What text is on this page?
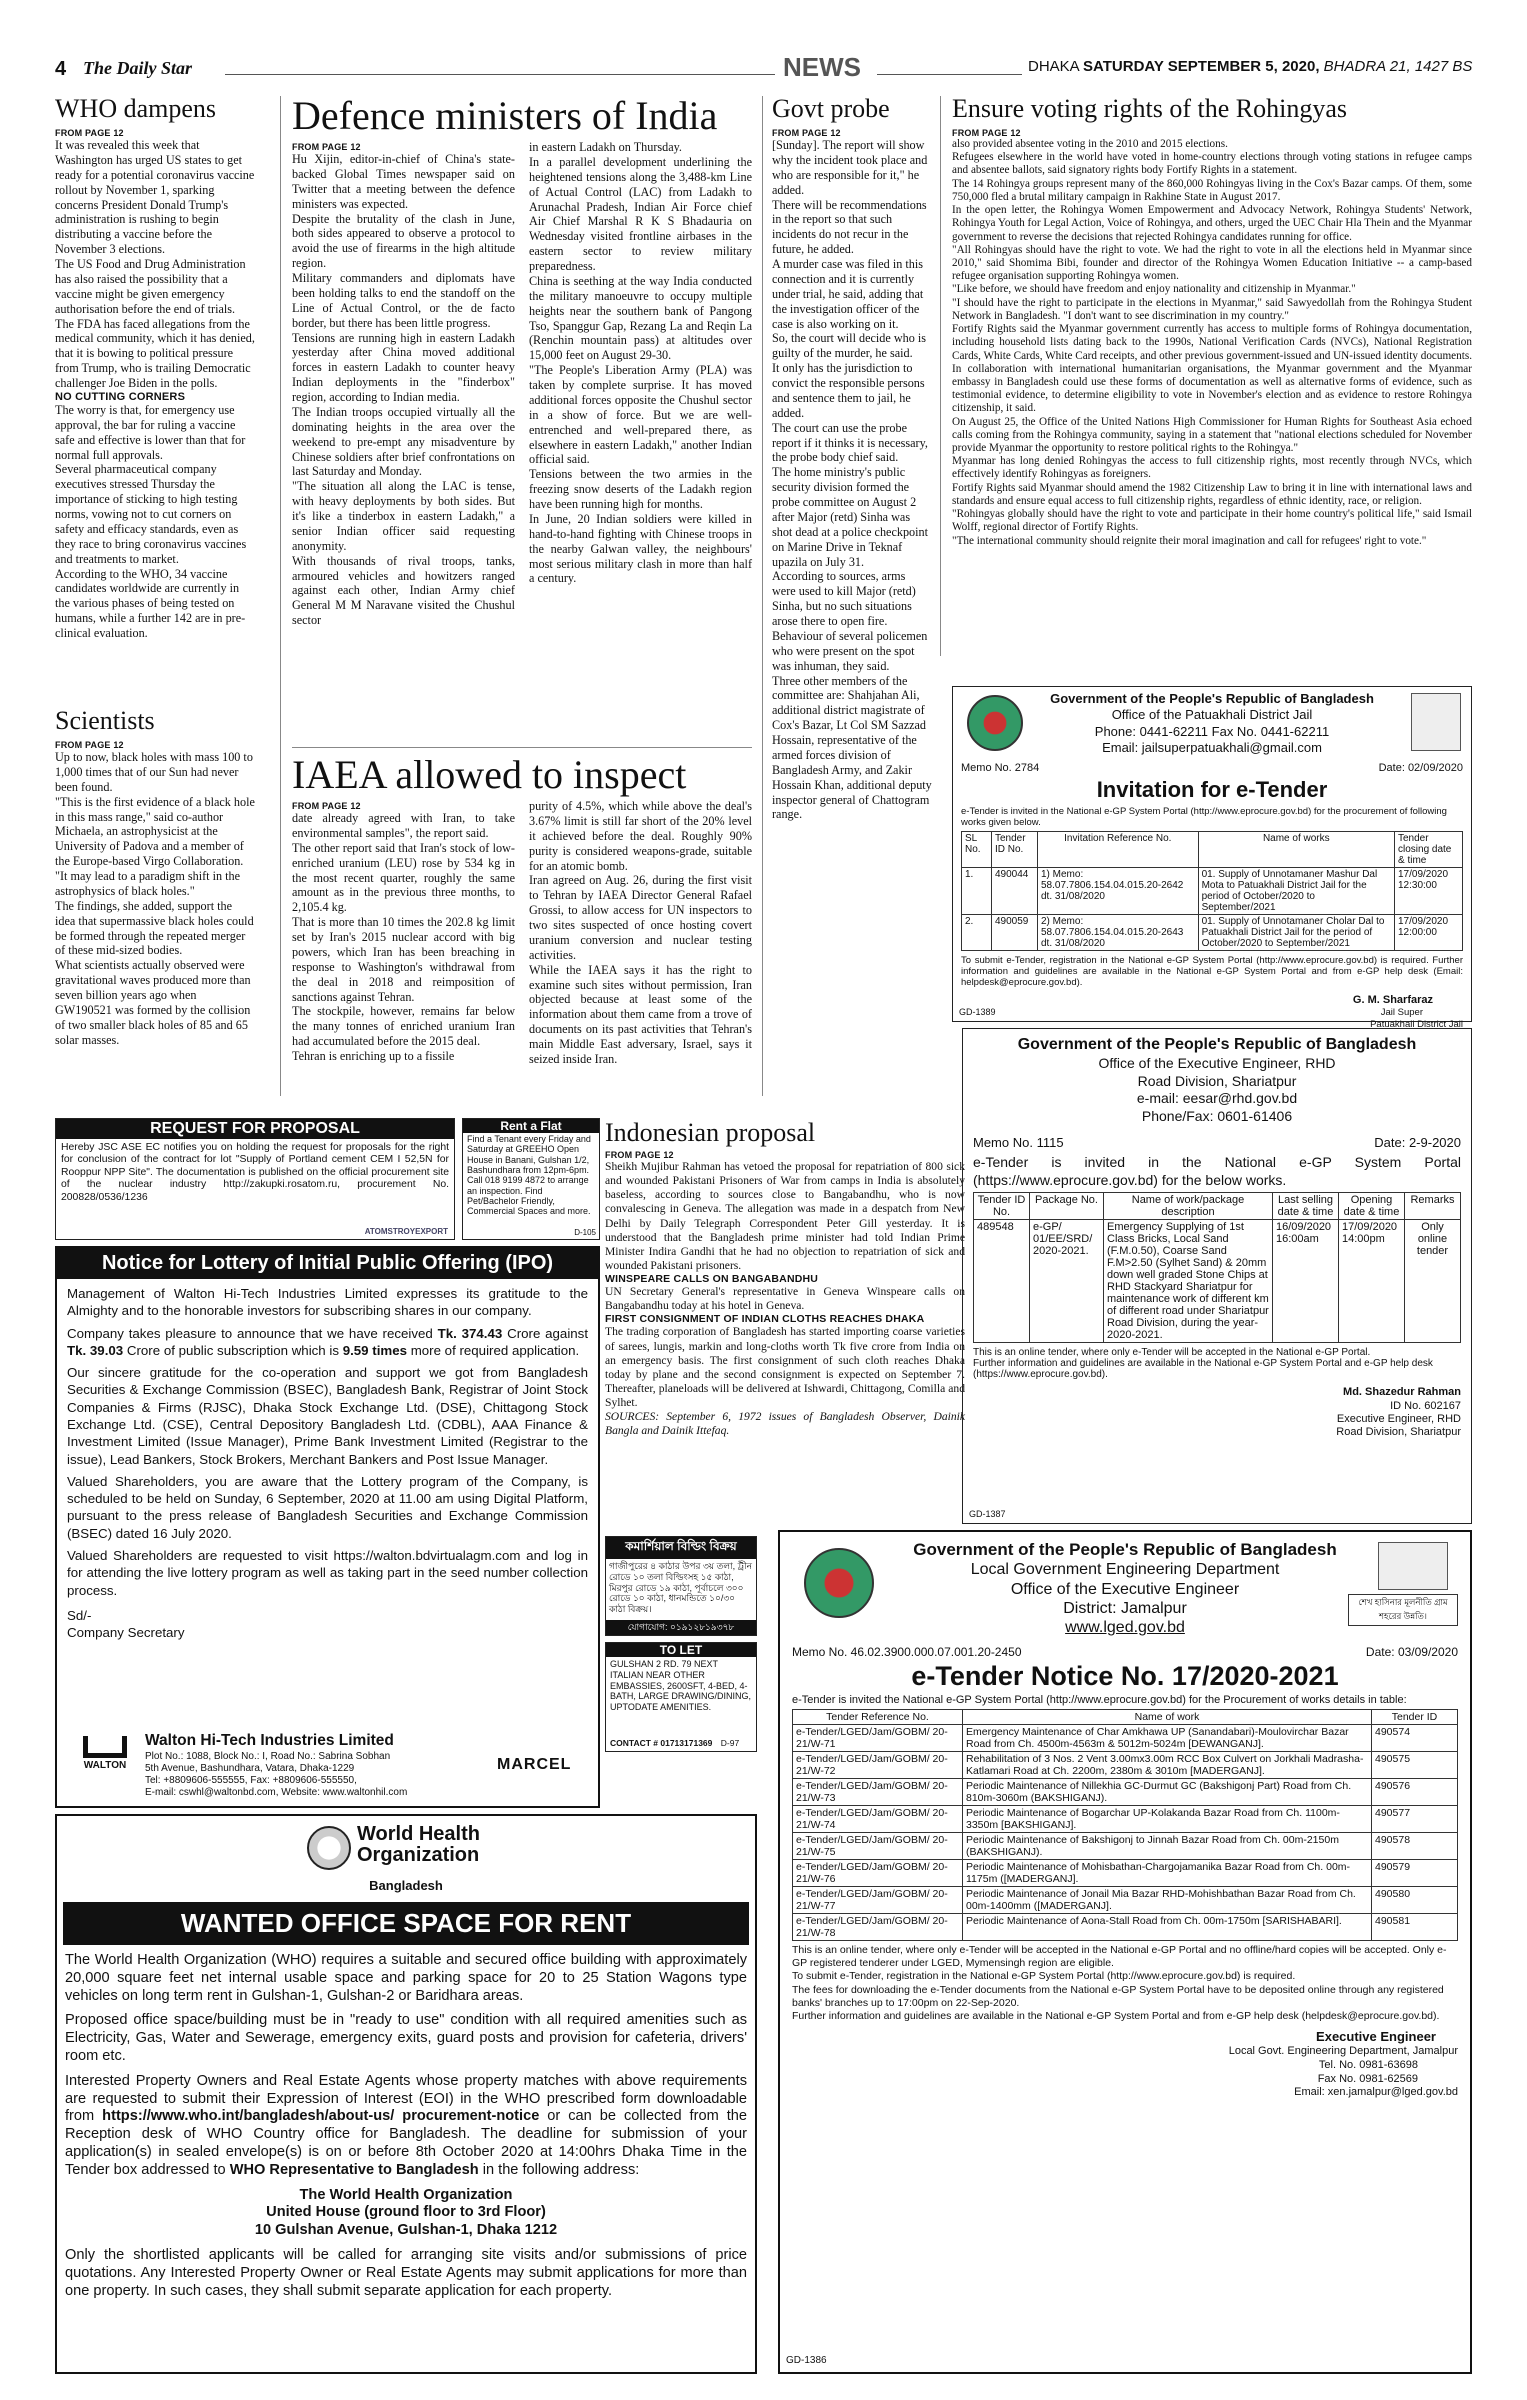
4 The Daily Star	NEWS	DHAKA SATURDAY SEPTEMBER 5, 2020, BHADRA 21, 1427 BS
WHO dampens
FROM PAGE 12
It was revealed this week that Washington has urged US states to get ready for a potential coronavirus vaccine rollout by November 1, sparking concerns President Donald Trump's administration is rushing to begin distributing a vaccine before the November 3 elections.
The US Food and Drug Administration has also raised the possibility that a vaccine might be given emergency authorisation before the end of trials.
The FDA has faced allegations from the medical community, which it has denied, that it is bowing to political pressure from Trump, who is trailing Democratic challenger Joe Biden in the polls.
NO CUTTING CORNERS
The worry is that, for emergency use approval, the bar for ruling a vaccine safe and effective is lower than that for normal full approvals.
Several pharmaceutical company executives stressed Thursday the importance of sticking to high testing norms, vowing not to cut corners on safety and efficacy standards, even as they race to bring coronavirus vaccines and treatments to market.
According to the WHO, 34 vaccine candidates worldwide are currently in the various phases of being tested on humans, while a further 142 are in pre-clinical evaluation.
Scientists
FROM PAGE 12
Up to now, black holes with mass 100 to 1,000 times that of our Sun had never been found.
"This is the first evidence of a black hole in this mass range," said co-author Michaela, an astrophysicist at the University of Padova and a member of the Europe-based Virgo Collaboration.
"It may lead to a paradigm shift in the astrophysics of black holes."
The findings, she added, support the idea that supermassive black holes could be formed through the repeated merger of these mid-sized bodies.
What scientists actually observed were gravitational waves produced more than seven billion years ago when GW190521 was formed by the collision of two smaller black holes of 85 and 65 solar masses.
Defence ministers of India
FROM PAGE 12
Hu Xijin, editor-in-chief of China's state-backed Global Times newspaper said on Twitter that a meeting between the defence ministers was expected.
Despite the brutality of the clash in June, both sides appeared to observe a protocol to avoid the use of firearms in the high altitude region.
Military commanders and diplomats have been holding talks to end the standoff on the Line of Actual Control, or the de facto border, but there has been little progress.
Tensions are running high in eastern Ladakh yesterday after China moved additional forces in eastern Ladakh to counter heavy Indian deployments in the "finderbox" region, according to Indian media.
The Indian troops occupied virtually all the dominating heights in the area over the weekend to pre-empt any misadventure by Chinese soldiers after brief confrontations on last Saturday and Monday.
"The situation all along the LAC is tense, with heavy deployments by both sides. But it's like a tinderbox in eastern Ladakh," a senior Indian officer said requesting anonymity.
With thousands of rival troops, tanks, armoured vehicles and howitzers ranged against each other, Indian Army chief General M M Naravane visited the Chushul sector
in eastern Ladakh on Thursday.
In a parallel development underlining the heightened tensions along the 3,488-km Line of Actual Control (LAC) from Ladakh to Arunachal Pradesh, Indian Air Force chief Air Chief Marshal R K S Bhadauria on Wednesday visited frontline airbases in the eastern sector to review military preparedness.
China is seething at the way India conducted the military manoeuvre to occupy multiple heights near the southern bank of Pangong Tso, Spanggur Gap, Rezang La and Reqin La (Renchin mountain pass) at altitudes over 15,000 feet on August 29-30.
"The People's Liberation Army (PLA) was taken by complete surprise. It has moved additional forces opposite the Chushul sector in a show of force. But we are well-entrenched and well-prepared there, as elsewhere in eastern Ladakh," another Indian official said.
Tensions between the two armies in the freezing snow deserts of the Ladakh region have been running high for months.
In June, 20 Indian soldiers were killed in hand-to-hand fighting with Chinese troops in the nearby Galwan valley, the neighbours' most serious military clash in more than half a century.
IAEA allowed to inspect
FROM PAGE 12
date already agreed with Iran, to take environmental samples", the report said.
The other report said that Iran's stock of low-enriched uranium (LEU) rose by 534 kg in the most recent quarter, roughly the same amount as in the previous three months, to 2,105.4 kg.
That is more than 10 times the 202.8 kg limit set by Iran's 2015 nuclear accord with big powers, which Iran has been breaching in response to Washington's withdrawal from the deal in 2018 and reimposition of sanctions against Tehran.
The stockpile, however, remains far below the many tonnes of enriched uranium Iran had accumulated before the 2015 deal.
Tehran is enriching up to a fissile
purity of 4.5%, which while above the deal's 3.67% limit is still far short of the 20% level it achieved before the deal. Roughly 90% purity is considered weapons-grade, suitable for an atomic bomb.
Iran agreed on Aug. 26, during the first visit to Tehran by IAEA Director General Rafael Grossi, to allow access for UN inspectors to two sites suspected of once hosting covert uranium conversion and nuclear testing activities.
While the IAEA says it has the right to examine such sites without permission, Iran objected because at least some of the information about them came from a trove of documents on its past activities that Tehran's main Middle East adversary, Israel, says it seized inside Iran.
Govt probe
FROM PAGE 12
[Sunday]. The report will show why the incident took place and who are responsible for it," he added.
There will be recommendations in the report so that such incidents do not recur in the future, he added.
A murder case was filed in this connection and it is currently under trial, he said, adding that the investigation officer of the case is also working on it.
So, the court will decide who is guilty of the murder, he said.
It only has the jurisdiction to convict the responsible persons and sentence them to jail, he added.
The court can use the probe report if it thinks it is necessary, the probe body chief said.
The home ministry's public security division formed the probe committee on August 2 after Major (retd) Sinha was shot dead at a police checkpoint on Marine Drive in Teknaf upazila on July 31.
According to sources, arms were used to kill Major (retd) Sinha, but no such situations arose there to open fire.
Behaviour of several policemen who were present on the spot was inhuman, they said.
Three other members of the committee are: Shahjahan Ali, additional district magistrate of Cox's Bazar, Lt Col SM Sazzad Hossain, representative of the armed forces division of Bangladesh Army, and Zakir Hossain Khan, additional deputy inspector general of Chattogram range.
Ensure voting rights of the Rohingyas
FROM PAGE 12
also provided absentee voting in the 2010 and 2015 elections.
Refugees elsewhere in the world have voted in home-country elections through voting stations in refugee camps and absentee ballots, said signatory rights body Fortify Rights in a statement.
The 14 Rohingya groups represent many of the 860,000 Rohingyas living in the Cox's Bazar camps. Of them, some 750,000 fled a brutal military campaign in Rakhine State in August 2017.
In the open letter, the Rohingya Women Empowerment and Advocacy Network, Rohingya Students' Network, Rohingya Youth for Legal Action, Voice of Rohingya, and others, urged the UEC Chair Hla Thein and the Myanmar government to reverse the decisions that rejected Rohingya candidates running for office.
"All Rohingyas should have the right to vote. We had the right to vote in all the elections held in Myanmar since 2010," said Shomima Bibi, founder and director of the Rohingya Women Education Initiative -- a camp-based refugee organisation supporting Rohingya women.
"Like before, we should have freedom and enjoy nationality and citizenship in Myanmar."
"I should have the right to participate in the elections in Myanmar," said Sawyedollah from the Rohingya Student Network in Bangladesh. "I don't want to see discrimination in my country."
Fortify Rights said the Myanmar government currently has access to multiple forms of Rohingya documentation, including household lists dating back to the 1990s, National Verification Cards (NVCs), National Registration Cards, White Cards, White Card receipts, and other previous government-issued and UN-issued identity documents.
In collaboration with international humanitarian organisations, the Myanmar government and the Myanmar embassy in Bangladesh could use these forms of documentation as well as alternative forms of evidence, such as testimonial evidence, to determine eligibility to vote in November's election and as evidence to restore Rohingya citizenship, it said.
On August 25, the Office of the United Nations High Commissioner for Human Rights for Southeast Asia echoed calls coming from the Rohingya community, saying in a statement that "national elections scheduled for November provide Myanmar the opportunity to restore political rights to the Rohingya."
Myanmar has long denied Rohingyas the access to full citizenship rights, most recently through NVCs, which effectively identify Rohingyas as foreigners.
Fortify Rights said Myanmar should amend the 1982 Citizenship Law to bring it in line with international laws and standards and ensure equal access to full citizenship rights, regardless of ethnic identity, race, or religion.
"Rohingyas globally should have the right to vote and participate in their home country's political life," said Ismail Wolff, regional director of Fortify Rights.
"The international community should reignite their moral imagination and call for refugees' right to vote."
Government of the People's Republic of Bangladesh
Office of the Patuakhali District Jail
Phone: 0441-62211 Fax No. 0441-62211
Email: jailsuperpatuakhali@gmail.com
Memo No. 2784	Date: 02/09/2020
Invitation for e-Tender
e-Tender is invited in the National e-GP System Portal (http://www.eprocure.gov.bd) for the procurement of following works given below.
SL No.	Tender ID No.	Invitation Reference No.	Name of works	Tender closing date & time
1.	490044	1) Memo: 58.07.7806.154.04.015.20-2642 dt. 31/08/2020	01. Supply of Unnotamaner Mashur Dal Mota to Patuakhali District Jail for the period of October/2020 to September/2021	17/09/2020 12:30:00
2.	490059	2) Memo: 58.07.7806.154.04.015.20-2643 dt. 31/08/2020	01. Supply of Unnotamaner Cholar Dal to Patuakhali District Jail for the period of October/2020 to September/2021	17/09/2020 12:00:00
To submit e-Tender, registration in the National e-GP System Portal (http://www.eprocure.gov.bd) is required. Further information and guidelines are available in the National e-GP System Portal and from e-GP help desk (Email: helpdesk@eprocure.gov.bd).
G. M. Sharfaraz
Jail Super
Patuakhali District Jail
GD-1389
REQUEST FOR PROPOSAL
Hereby JSC ASE EC notifies you on holding the request for proposals for the right for conclusion of the contract for lot "Supply of Portland cement CEM I 52,5N for Rooppur NPP Site". The documentation is published on the official procurement site of the nuclear industry http://zakupki.rosatom.ru, procurement No. 200828/0536/1236
ATOMSTROYEXPORT
Rent a Flat
Find a Tenant every Friday and Saturday at GREEHO Open House in Banani, Gulshan 1/2, Bashundhara from 12pm-6pm. Call 018 9199 4872 to arrange an inspection. Find Pet/Bachelor Friendly, Commercial Spaces and more.
D-105
Notice for Lottery of Initial Public Offering (IPO)

Management of Walton Hi-Tech Industries Limited expresses its gratitude to the Almighty and to the honorable investors for subscribing shares in our company.

Company takes pleasure to announce that we have received Tk. 374.43 Crore against Tk. 39.03 Crore of public subscription which is 9.59 times more of required application.

Our sincere gratitude for the co-operation and support we got from Bangladesh Securities & Exchange Commission (BSEC), Bangladesh Bank, Registrar of Joint Stock Companies & Firms (RJSC), Dhaka Stock Exchange Ltd. (DSE), Chittagong Stock Exchange Ltd. (CSE), Central Depository Bangladesh Ltd. (CDBL), AAA Finance & Investment Limited (Issue Manager), Prime Bank Investment Limited (Registrar to the issue), Lead Bankers, Stock Brokers, Merchant Bankers and Post Issue Manager.

Valued Shareholders, you are aware that the Lottery program of the Company, is scheduled to be held on Sunday, 6 September, 2020 at 11.00 am using Digital Platform, pursuant to the press release of Bangladesh Securities and Exchange Commission (BSEC) dated 16 July 2020.

Valued Shareholders are requested to visit https://walton.bdvirtualagm.com and log in for attending the live lottery program as well as taking part in the seed number collection process.

Sd/-

Company Secretary

WALTON
Walton Hi-Tech Industries Limited
Plot No.: 1088, Block No.: I, Road No.: Sabrina Sobhan
5th Avenue, Bashundhara, Vatara, Dhaka-1229
Tel: +8809606-555555, Fax: +8809606-555550,
E-mail: cswhl@waltonbd.com, Website: www.waltonhil.com
MARCEL
কমার্শিয়াল বিল্ডিং বিক্রয়
গাজীপুরের ৪ কাঠার উপর ৩য় তলা, ট্রীন রোডে ১০ তলা বিল্ডিংসহ ১৫ কাঠা, মিরপুর রোডে ১৯ কাঠা, পূর্বাচলে ৩০০ রোডে ১০ কাঠা, ধানমন্ডিতে ১০/৩০ কাঠা বিক্রয়।
যোগাযোগ: ০১৯১২৮১৯৩৭৮
TO LET
GULSHAN 2 RD. 79 NEXT ITALIAN NEAR OTHER EMBASSIES, 2600SFT, 4-BED, 4-BATH, LARGE DRAWING/DINING, UPTODATE AMENITIES.
CONTACT # 01713171369 D-97
Indonesian proposal
FROM PAGE 12
Sheikh Mujibur Rahman has vetoed the proposal for repatriation of 800 sick and wounded Pakistani Prisoners of War from camps in India is absolutely baseless, according to sources close to Bangabandhu, who is now convalescing in Geneva. The allegation was made in a despatch from New Delhi by Daily Telegraph Correspondent Peter Gill yesterday. It is understood that the Bangladesh prime minister had told Indian Prime Minister Indira Gandhi that he had no objection to repatriation of sick and wounded Pakistani prisoners.
WINSPEARE CALLS ON BANGABANDHU
UN Secretary General's representative in Geneva Winspeare calls on Bangabandhu today at his hotel in Geneva.
FIRST CONSIGNMENT OF INDIAN CLOTHS REACHES DHAKA
The trading corporation of Bangladesh has started importing coarse varieties of sarees, lungis, markin and long-cloths worth Tk five crore from India on an emergency basis. The first consignment of such cloth reaches Dhaka today by plane and the second consignment is expected on September 7. Thereafter, planeloads will be delivered at Ishwardi, Chittagong, Comilla and Sylhet.
SOURCES: September 6, 1972 issues of Bangladesh Observer, Dainik Bangla and Dainik Ittefaq.
Government of the People's Republic of Bangladesh
Office of the Executive Engineer, RHD
Road Division, Shariatpur
e-mail: eesar@rhd.gov.bd
Phone/Fax: 0601-61406
Memo No. 1115	Date: 2-9-2020
e-Tender is invited in the National e-GP System Portal (https://www.eprocure.gov.bd) for the below works.
Tender ID No.	Package No.	Name of work/package description	Last selling date & time	Opening date & time	Remarks
489548	e-GP/ 01/EE/SRD/ 2020-2021.	Emergency Supplying of 1st Class Bricks, Local Sand (F.M.0.50), Coarse Sand F.M>2.50 (Sylhet Sand) & 20mm down well graded Stone Chips at RHD Stackyard Shariatpur for maintenance work of different km of different road under Shariatpur Road Division, during the year-2020-2021.	16/09/2020 16:00am	17/09/2020 14:00pm	Only online tender
This is an online tender, where only e-Tender will be accepted in the National e-GP Portal.
Further information and guidelines are available in the National e-GP System Portal and e-GP help desk (https://www.eprocure.gov.bd).
Md. Shazedur Rahman
ID No. 602167
Executive Engineer, RHD
Road Division, Shariatpur
GD-1387
World Health
Organization
Bangladesh
WANTED OFFICE SPACE FOR RENT

The World Health Organization (WHO) requires a suitable and secured office building with approximately 20,000 square feet net internal usable space and parking space for 20 to 25 Station Wagons type vehicles on long term rent in Gulshan-1, Gulshan-2 or Baridhara areas.

Proposed office space/building must be in "ready to use" condition with all required amenities such as Electricity, Gas, Water and Sewerage, emergency exits, guard posts and provision for cafeteria, drivers' room etc.

Interested Property Owners and Real Estate Agents whose property matches with above requirements are requested to submit their Expression of Interest (EOI) in the WHO prescribed form downloadable from https://www.who.int/bangladesh/about-us/ procurement-notice or can be collected from the Reception desk of WHO Country office for Bangladesh. The deadline for submission of your application(s) in sealed envelope(s) is on or before 8th October 2020 at 14:00hrs Dhaka Time in the Tender box addressed to WHO Representative to Bangladesh in the following address:

The World Health Organization
United House (ground floor to 3rd Floor)
10 Gulshan Avenue, Gulshan-1, Dhaka 1212

Only the shortlisted applicants will be called for arranging site visits and/or submissions of price quotations. Any Interested Property Owner or Real Estate Agents may submit applications for more than one property. In such cases, they shall submit separate application for each property.

শেখ হাসিনার মূলনীতি গ্রাম শহরের উন্নতি।
Government of the People's Republic of Bangladesh
Local Government Engineering Department
Office of the Executive Engineer
District: Jamalpur
www.lged.gov.bd
Memo No. 46.02.3900.000.07.001.20-2450	Date: 03/09/2020
e-Tender Notice No. 17/2020-2021
e-Tender is invited the National e-GP System Portal (http://www.eprocure.gov.bd) for the Procurement of works details in table:
Tender Reference No.	Name of work	Tender ID
e-Tender/LGED/Jam/GOBM/ 20-21/W-71	Emergency Maintenance of Char Amkhawa UP (Sanandabari)-Moulovirchar Bazar Road from Ch. 4500m-4563m & 5012m-5024m [DEWANGANJ].	490574
e-Tender/LGED/Jam/GOBM/ 20-21/W-72	Rehabilitation of 3 Nos. 2 Vent 3.00mx3.00m RCC Box Culvert on Jorkhali Madrasha-Katlamari Road at Ch. 2200m, 2380m & 3010m [MADERGANJ].	490575
e-Tender/LGED/Jam/GOBM/ 20-21/W-73	Periodic Maintenance of Nillekhia GC-Durmut GC (Bakshigonj Part) Road from Ch. 810m-3060m (BAKSHIGANJ).	490576
e-Tender/LGED/Jam/GOBM/ 20-21/W-74	Periodic Maintenance of Bogarchar UP-Kolakanda Bazar Road from Ch. 1100m-3350m [BAKSHIGANJ].	490577
e-Tender/LGED/Jam/GOBM/ 20-21/W-75	Periodic Maintenance of Bakshigonj to Jinnah Bazar Road from Ch. 00m-2150m (BAKSHIGANJ).	490578
e-Tender/LGED/Jam/GOBM/ 20-21/W-76	Periodic Maintenance of Mohisbathan-Chargojamanika Bazar Road from Ch. 00m-1175m ([MADERGANJ].	490579
e-Tender/LGED/Jam/GOBM/ 20-21/W-77	Periodic Maintenance of Jonail Mia Bazar RHD-Mohishbathan Bazar Road from Ch. 00m-1400mm ([MADERGANJ].	490580
e-Tender/LGED/Jam/GOBM/ 20-21/W-78	Periodic Maintenance of Aona-Stall Road from Ch. 00m-1750m [SARISHABARI].	490581
This is an online tender, where only e-Tender will be accepted in the National e-GP Portal and no offline/hard copies will be accepted. Only e-GP registered tenderer under LGED, Mymensingh region are eligible.
To submit e-Tender, registration in the National e-GP System Portal (http://www.eprocure.gov.bd) is required.
The fees for downloading the e-Tender documents from the National e-GP System Portal have to be deposited online through any registered banks' branches up to 17:00pm on 22-Sep-2020.
Further information and guidelines are available in the National e-GP System Portal and from e-GP help desk (helpdesk@eprocure.gov.bd).
Executive Engineer
Local Govt. Engineering Department, Jamalpur
Tel. No. 0981-63698
Fax No. 0981-62569
Email: xen.jamalpur@lged.gov.bd
GD-1386
